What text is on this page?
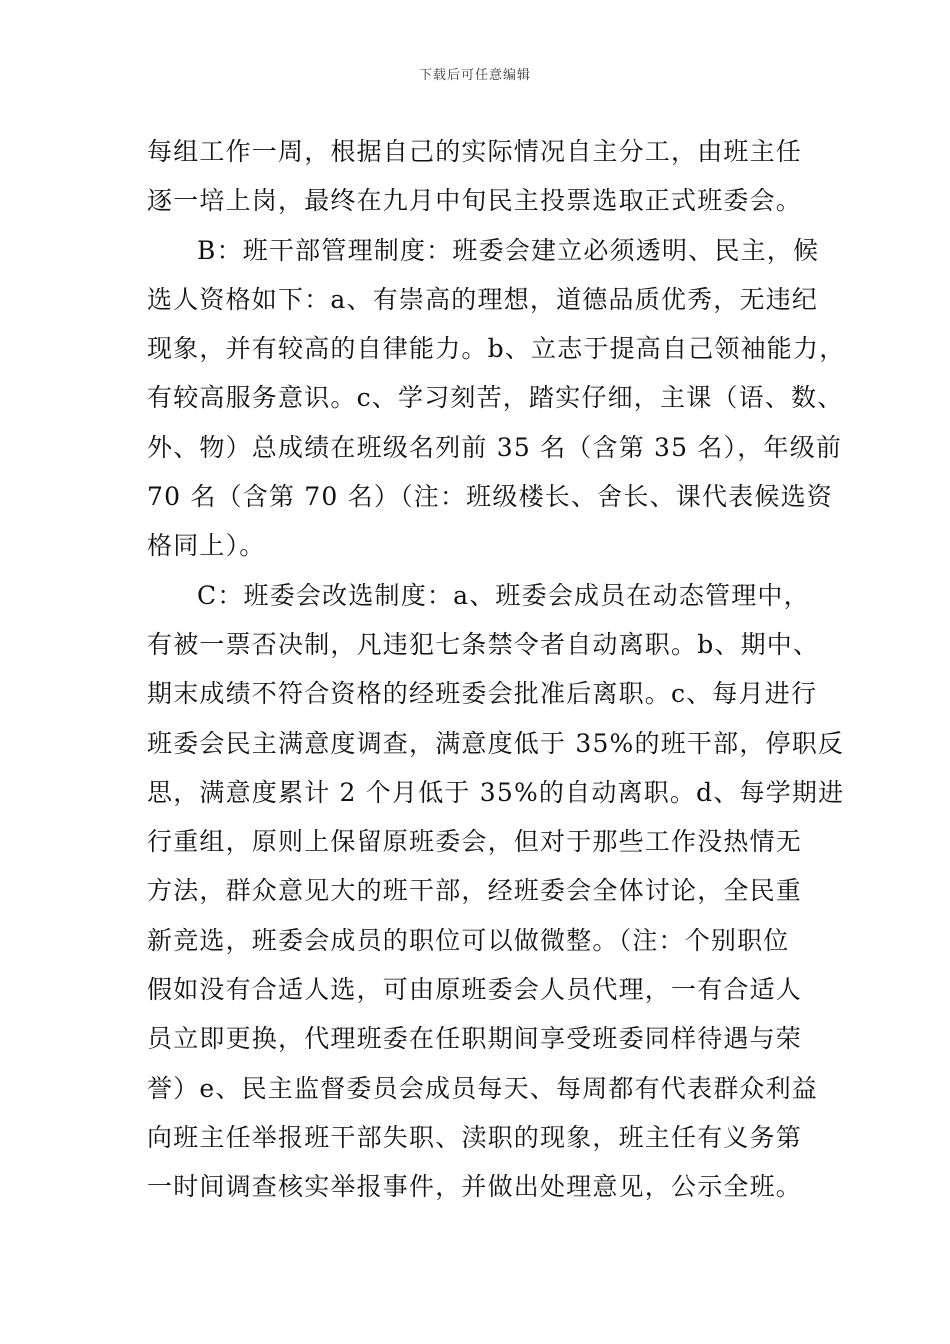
下载后可任意编辑
每组工作一周，根据自己的实际情况自主分工，由班主任
逐一培上岗，最终在九月中旬民主投票选取正式班委会。
B：班干部管理制度：班委会建立必须透明、民主，候
选人资格如下：a、有崇高的理想，道德品质优秀，无违纪
现象，并有较高的自律能力。b、立志于提高自己领袖能力，
有较高服务意识。c、学习刻苦，踏实仔细，主课（语、数、
外、物）总成绩在班级名列前 35 名（含第 35 名），年级前
70 名（含第 70 名）（注：班级楼长、舍长、课代表候选资
格同上）。
C：班委会改选制度：a、班委会成员在动态管理中，
有被一票否决制，凡违犯七条禁令者自动离职。b、期中、
期末成绩不符合资格的经班委会批准后离职。c、每月进行
班委会民主满意度调查，满意度低于 35%的班干部，停职反
思，满意度累计 2 个月低于 35%的自动离职。d、每学期进
行重组，原则上保留原班委会，但对于那些工作没热情无
方法，群众意见大的班干部，经班委会全体讨论，全民重
新竞选，班委会成员的职位可以做微整。（注：个别职位
假如没有合适人选，可由原班委会人员代理，一有合适人
员立即更换，代理班委在任职期间享受班委同样待遇与荣
誉）e、民主监督委员会成员每天、每周都有代表群众利益
向班主任举报班干部失职、渎职的现象，班主任有义务第
一时间调查核实举报事件，并做出处理意见，公示全班。
